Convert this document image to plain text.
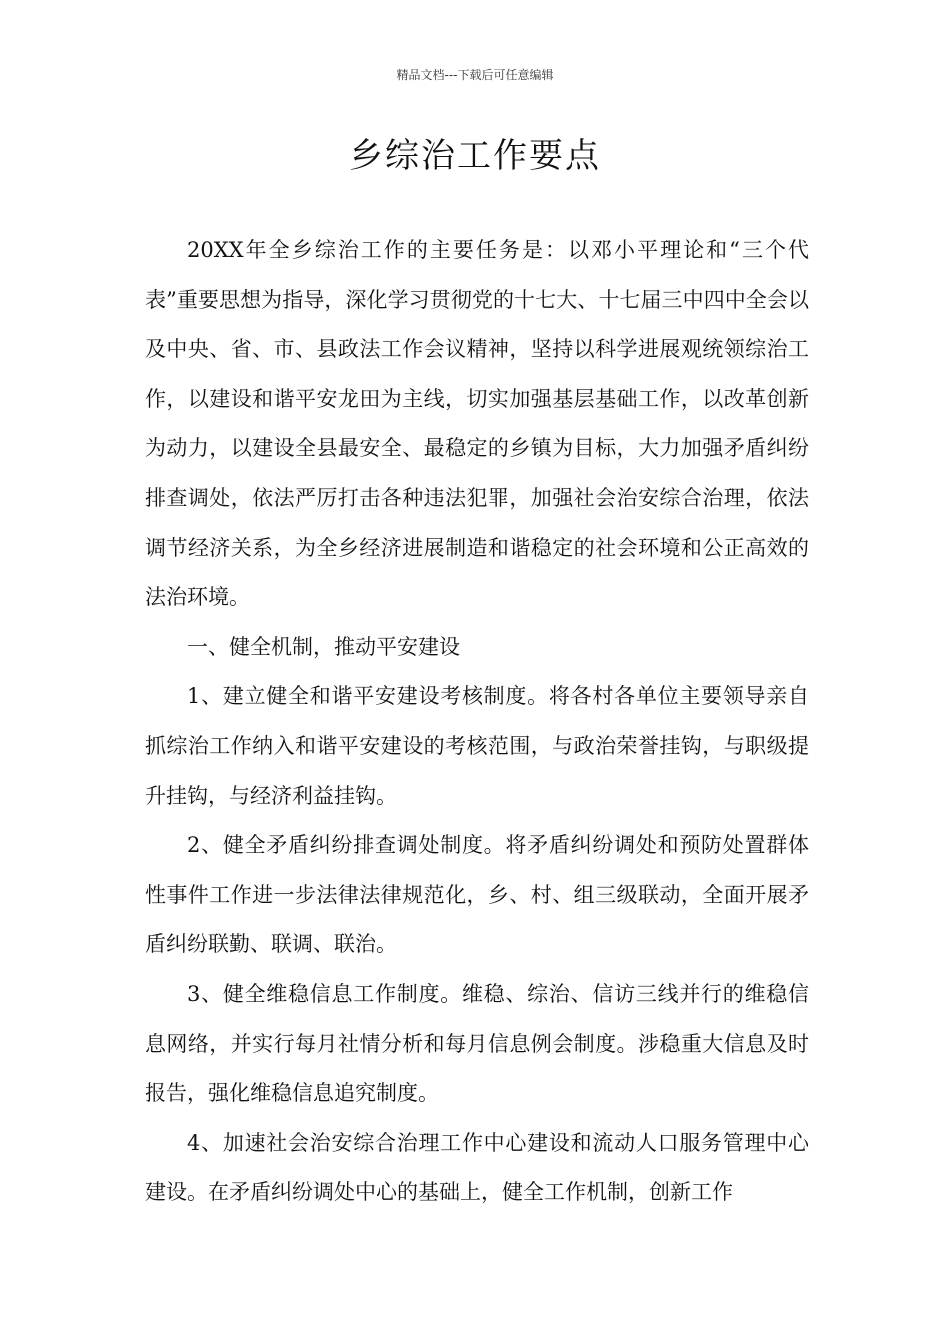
精品文档---下载后可任意编辑
乡综治工作要点

20XX年全乡综治工作的主要任务是：以邓小平理论和“三个代表”重要思想为指导，深化学习贯彻党的十七大、十七届三中四中全会以及中央、省、市、县政法工作会议精神，坚持以科学进展观统领综治工作，以建设和谐平安龙田为主线，切实加强基层基础工作，以改革创新为动力，以建设全县最安全、最稳定的乡镇为目标，大力加强矛盾纠纷排查调处，依法严厉打击各种违法犯罪，加强社会治安综合治理，依法调节经济关系，为全乡经济进展制造和谐稳定的社会环境和公正高效的法治环境。

一、健全机制，推动平安建设

1、建立健全和谐平安建设考核制度。将各村各单位主要领导亲自抓综治工作纳入和谐平安建设的考核范围，与政治荣誉挂钩，与职级提升挂钩，与经济利益挂钩。

2、健全矛盾纠纷排查调处制度。将矛盾纠纷调处和预防处置群体性事件工作进一步法律法律规范化，乡、村、组三级联动，全面开展矛盾纠纷联勤、联调、联治。

3、健全维稳信息工作制度。维稳、综治、信访三线并行的维稳信息网络，并实行每月社情分析和每月信息例会制度。涉稳重大信息及时报告，强化维稳信息追究制度。

4、加速社会治安综合治理工作中心建设和流动人口服务管理中心建设。在矛盾纠纷调处中心的基础上，健全工作机制，创新工作
